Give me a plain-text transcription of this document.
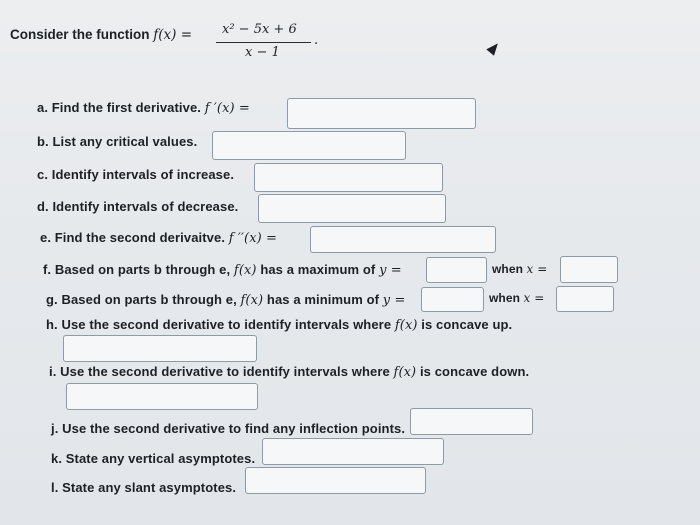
Consider the function f(x) = x² − 5x + 6
x − 1
.
a. Find the first derivative. f ′(x) =
b. List any critical values.
c. Identify intervals of increase.
d. Identify intervals of decrease.
e. Find the second derivaitve. f ′′(x) =
f. Based on parts b through e, f(x) has a maximum of y =	when x =
g. Based on parts b through e, f(x) has a minimum of y =	when x =
h. Use the second derivative to identify intervals where f(x) is concave up.
i. Use the second derivative to identify intervals where f(x) is concave down.
j. Use the second derivative to find any inflection points.
k. State any vertical asymptotes.
l. State any slant asymptotes.
